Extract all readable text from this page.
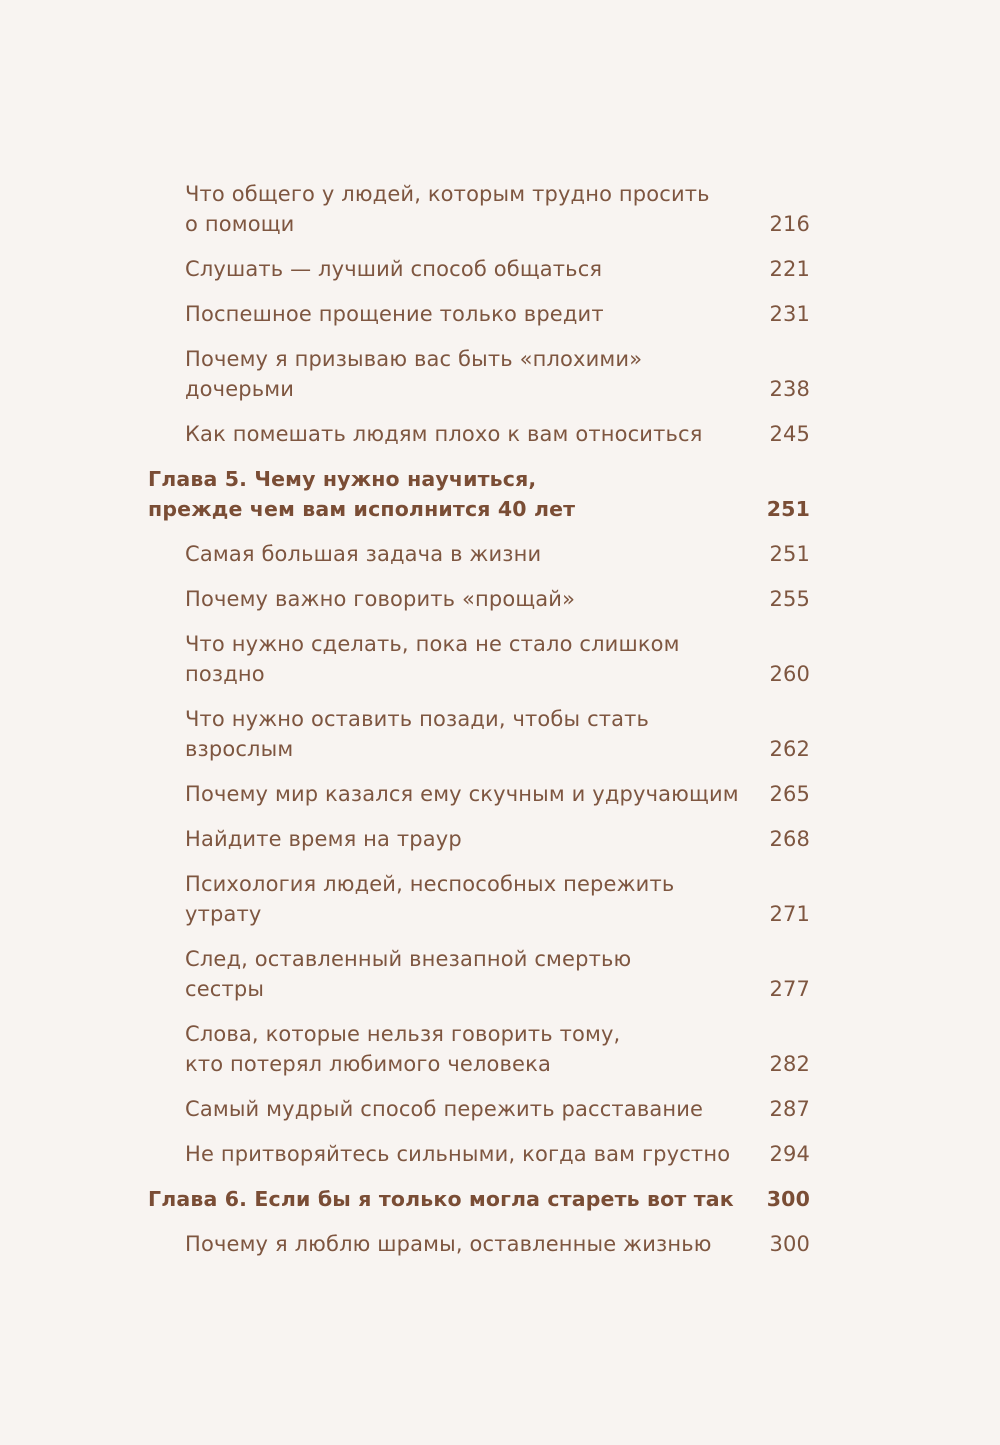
Что общего у людей, которым трудно просить
о помощи	216
Слушать — лучший способ общаться	221
Поспешное прощение только вредит	231
Почему я призываю вас быть «плохими»
дочерьми	238
Как помешать людям плохо к вам относиться	245
Глава 5. Чему нужно научиться,
прежде чем вам исполнится 40 лет	251
Самая большая задача в жизни	251
Почему важно говорить «прощай»	255
Что нужно сделать, пока не стало слишком
поздно	260
Что нужно оставить позади, чтобы стать
взрослым	262
Почему мир казался ему скучным и удручающим 265
Найдите время на траур	268
Психология людей, неспособных пережить
утрату	271
След, оставленный внезапной смертью
сестры	277
Слова, которые нельзя говорить тому,
кто потерял любимого человека	282
Самый мудрый способ пережить расставание	287
Не притворяйтесь сильными, когда вам грустно 294
Глава 6. Если бы я только могла стареть вот так 300
Почему я люблю шрамы, оставленные жизнью	300
